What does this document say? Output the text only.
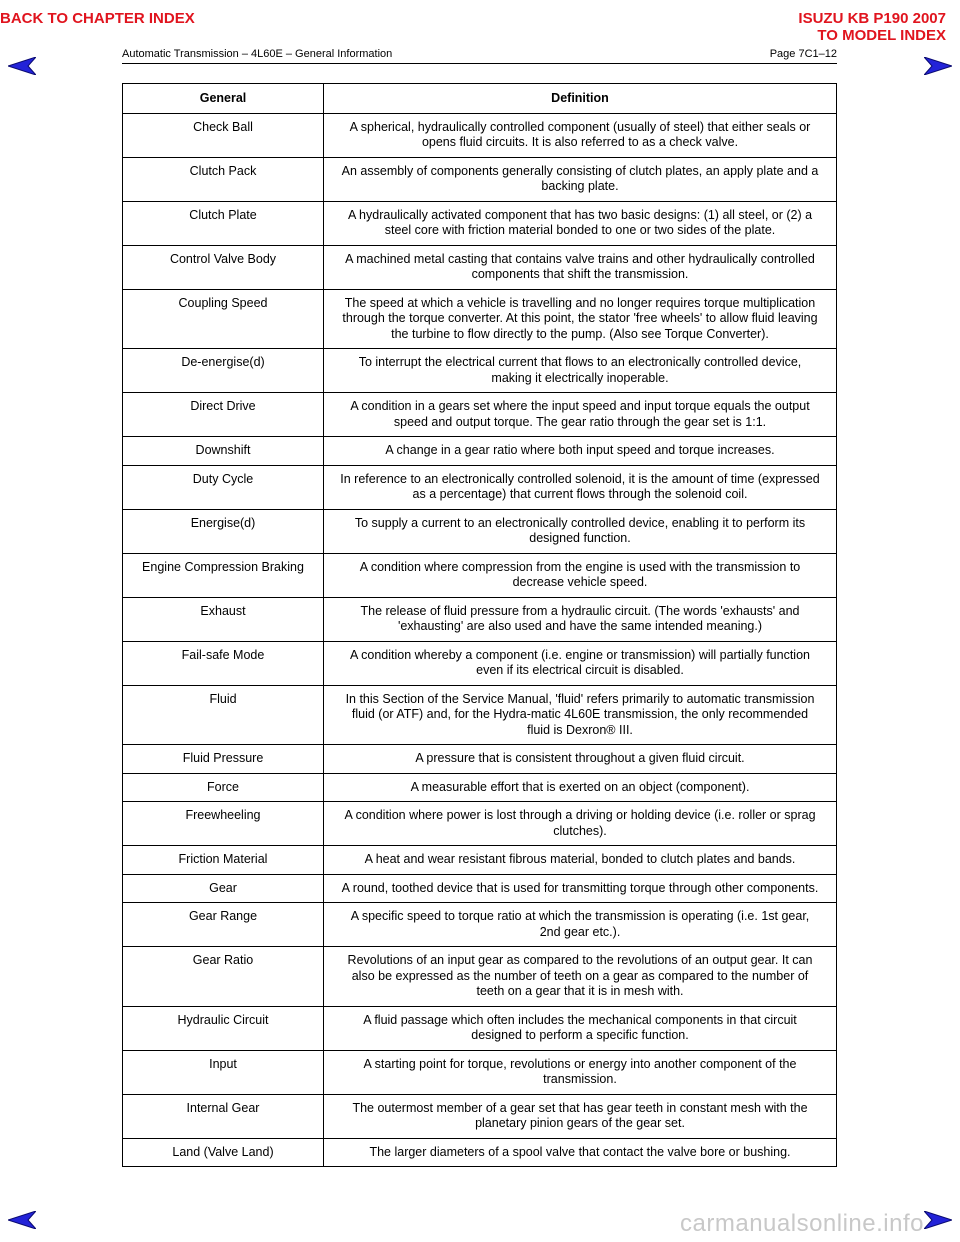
BACK TO CHAPTER INDEX	ISUZU KB P190 2007
TO MODEL INDEX
Automatic Transmission – 4L60E – General Information	Page 7C1–12
General	Definition
Check Ball	A spherical, hydraulically controlled component (usually of steel) that either seals or
opens fluid circuits. It is also referred to as a check valve.
Clutch Pack	An assembly of components generally consisting of clutch plates, an apply plate and a
backing plate.
Clutch Plate	A hydraulically activated component that has two basic designs: (1) all steel, or (2) a
steel core with friction material bonded to one or two sides of the plate.
Control Valve Body	A machined metal casting that contains valve trains and other hydraulically controlled
components that shift the transmission.
Coupling Speed	The speed at which a vehicle is travelling and no longer requires torque multiplication
through the torque converter. At this point, the stator 'free wheels' to allow fluid leaving
the turbine to flow directly to the pump. (Also see Torque Converter).
De-energise(d)	To interrupt the electrical current that flows to an electronically controlled device,
making it electrically inoperable.
Direct Drive	A condition in a gears set where the input speed and input torque equals the output
speed and output torque. The gear ratio through the gear set is 1:1.
Downshift	A change in a gear ratio where both input speed and torque increases.
Duty Cycle	In reference to an electronically controlled solenoid, it is the amount of time (expressed
as a percentage) that current flows through the solenoid coil.
Energise(d)	To supply a current to an electronically controlled device, enabling it to perform its
designed function.
Engine Compression Braking	A condition where compression from the engine is used with the transmission to
decrease vehicle speed.
Exhaust	The release of fluid pressure from a hydraulic circuit. (The words 'exhausts' and
'exhausting' are also used and have the same intended meaning.)
Fail-safe Mode	A condition whereby a component (i.e. engine or transmission) will partially function
even if its electrical circuit is disabled.
Fluid	In this Section of the Service Manual, 'fluid' refers primarily to automatic transmission
fluid (or ATF) and, for the Hydra-matic 4L60E transmission, the only recommended
fluid is Dexron® III.
Fluid Pressure	A pressure that is consistent throughout a given fluid circuit.
Force	A measurable effort that is exerted on an object (component).
Freewheeling	A condition where power is lost through a driving or holding device (i.e. roller or sprag
clutches).
Friction Material	A heat and wear resistant fibrous material, bonded to clutch plates and bands.
Gear	A round, toothed device that is used for transmitting torque through other components.
Gear Range	A specific speed to torque ratio at which the transmission is operating (i.e. 1st gear,
2nd gear etc.).
Gear Ratio	Revolutions of an input gear as compared to the revolutions of an output gear. It can
also be expressed as the number of teeth on a gear as compared to the number of
teeth on a gear that it is in mesh with.
Hydraulic Circuit	A fluid passage which often includes the mechanical components in that circuit
designed to perform a specific function.
Input	A starting point for torque, revolutions or energy into another component of the
transmission.
Internal Gear	The outermost member of a gear set that has gear teeth in constant mesh with the
planetary pinion gears of the gear set.
Land (Valve Land)	The larger diameters of a spool valve that contact the valve bore or bushing.
carmanualsonline.info
